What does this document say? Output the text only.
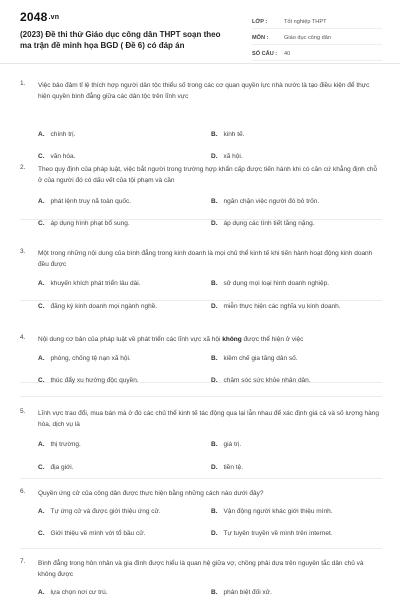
2048.vn
(2023) Đề thi thử Giáo dục công dân THPT soạn theo ma trận đề minh họa BGD ( Đề 6) có đáp án
LỚP :	Tốt nghiệp THPT
MÔN :	Giáo dục công dân
SỐ CÂU :	40
1. Việc bảo đảm tỉ lệ thích hợp người dân tộc thiểu số trong các cơ quan quyền lực nhà nước là tạo điều kiện để thực hiện quyền bình đẳng giữa các dân tộc trên lĩnh vực
A. chính trị.	B. kinh tế.
C. văn hóa.	D. xã hội.
2. Theo quy định của pháp luật, việc bắt người trong trường hợp khẩn cấp được tiến hành khi có căn cứ khẳng định chỗ ở của người đó có dấu vết của tội phạm và cần
A. phát lệnh truy nã toàn quốc.	B. ngăn chặn việc người đó bỏ trốn.
C. áp dụng hình phạt bổ sung.	D. áp dụng các tình tiết tăng nặng.
3. Một trong những nội dung của bình đẳng trong kinh doanh là mọi chủ thể kinh tế khi tiến hành hoạt động kinh doanh đều được
A. khuyến khích phát triển lâu dài.	B. sử dụng mọi loại hình doanh nghiệp.
C. đăng ký kinh doanh mọi ngành nghề.	D. miễn thực hiện các nghĩa vụ kinh doanh.
4. Nội dung cơ bản của pháp luật về phát triển các lĩnh vực xã hội không được thể hiện ở việc
A. phòng, chống tệ nạn xã hội.	B. kiềm chế gia tăng dân số.
C. thúc đẩy xu hướng độc quyền.	D. chăm sóc sức khỏe nhân dân.
5. Lĩnh vực trao đổi, mua bán mà ở đó các chủ thể kinh tế tác động qua lại lẫn nhau để xác định giá cả và số lượng hàng hóa, dịch vụ là
A. thị trường.	B. giá trị.
C. địa giới.	D. tiền tệ.
6. Quyền ứng cử của công dân được thực hiện bằng những cách nào dưới đây?
A. Tự ứng cử và được giới thiệu ứng cử.	B. Vận động người khác giới thiệu mình.
C. Giới thiệu về mình với tổ bầu cử.	D. Tự tuyên truyền về mình trên internet.
7. Bình đẳng trong hôn nhân và gia đình được hiểu là quan hệ giữa vợ, chồng phải dựa trên nguyên tắc dân chủ và không được
A. lựa chọn nơi cư trú.	B. phân biệt đối xử.
